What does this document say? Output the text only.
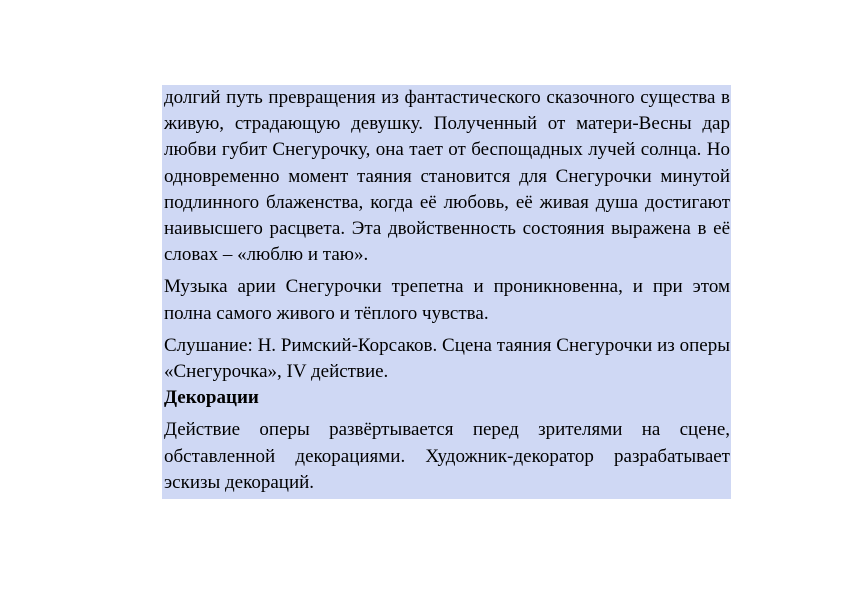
долгий путь превращения из фантастического сказочного существа в живую, страдающую девушку. Полученный от матери-Весны дар любви губит Снегурочку, она тает от беспощадных лучей солнца. Но одновременно момент таяния становится для Снегурочки минутой подлинного блаженства, когда её любовь, её живая душа достигают наивысшего расцвета. Эта двойственность состояния выражена в её словах – «люблю и таю».

Музыка арии Снегурочки трепетна и проникновенна, и при этом полна самого живого и тёплого чувства.

Слушание: Н. Римский-Корсаков. Сцена таяния Снегурочки из оперы «Снегурочка», IV действие.

Декорации

Действие оперы развёртывается перед зрителями на сцене, обставленной декорациями. Художник-декоратор разрабатывает эскизы декораций.
